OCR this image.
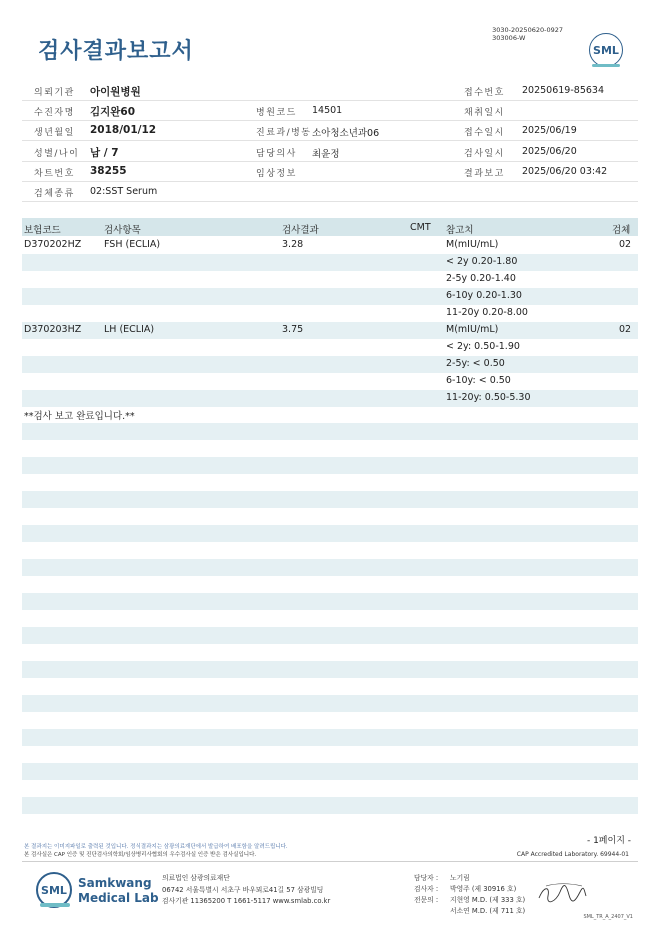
검사결과보고서
3030-20250620-0927
303006-W
SML
의뢰기관 아이원병원	접수번호 20250619-85634
수진자명 김지완60	병원코드 14501	채취일시
생년월일 2018/01/12	진료과/병동 소아청소년과06	접수일시 2025/06/19
성별/나이 남 / 7	담당의사 최윤정	검사일시 2025/06/20
차트번호 38255	임상정보	결과보고 2025/06/20 03:42
검체종류 02:SST Serum
보험코드	검사항목	검사결과	CMT 참고치	검체
D370202HZ FSH (ECLIA)	3.28	M(mIU/mL)	02
< 2y 0.20-1.80
2-5y 0.20-1.40
6-10y 0.20-1.30
11-20y 0.20-8.00
D370203HZ LH (ECLIA)	3.75	M(mIU/mL)	02
< 2y: 0.50-1.90
2-5y: < 0.50
6-10y: < 0.50
11-20y: 0.50-5.30
**검사 보고 완료입니다.**
- 1페이지 -
본 결과지는 이미지파일로 출력된 것입니다. 정식결과지는 삼광의료재단에서 발급하여 배포함을 알려드립니다.
본 검사실은 CAP 인증 및 진단검사의학회/임상병리사협회의 우수검사실 인증 받은 검사실입니다.	CAP Accredited Laboratory. 69944-01
SML Samkwang
Medical Lab
의료법인 삼광의료재단
06742 서울특별시 서초구 바우뫼로41길 57 삼광빌딩
검사기관 11365200 T 1661-5117 www.smlab.co.kr
담당자 : 노기림
검사자 : 박영주 (제 30916 호)
전문의 : 지현영 M.D. (제 333 호)
서소연 M.D. (제 711 호)
SML_TR_A_2407_V1
